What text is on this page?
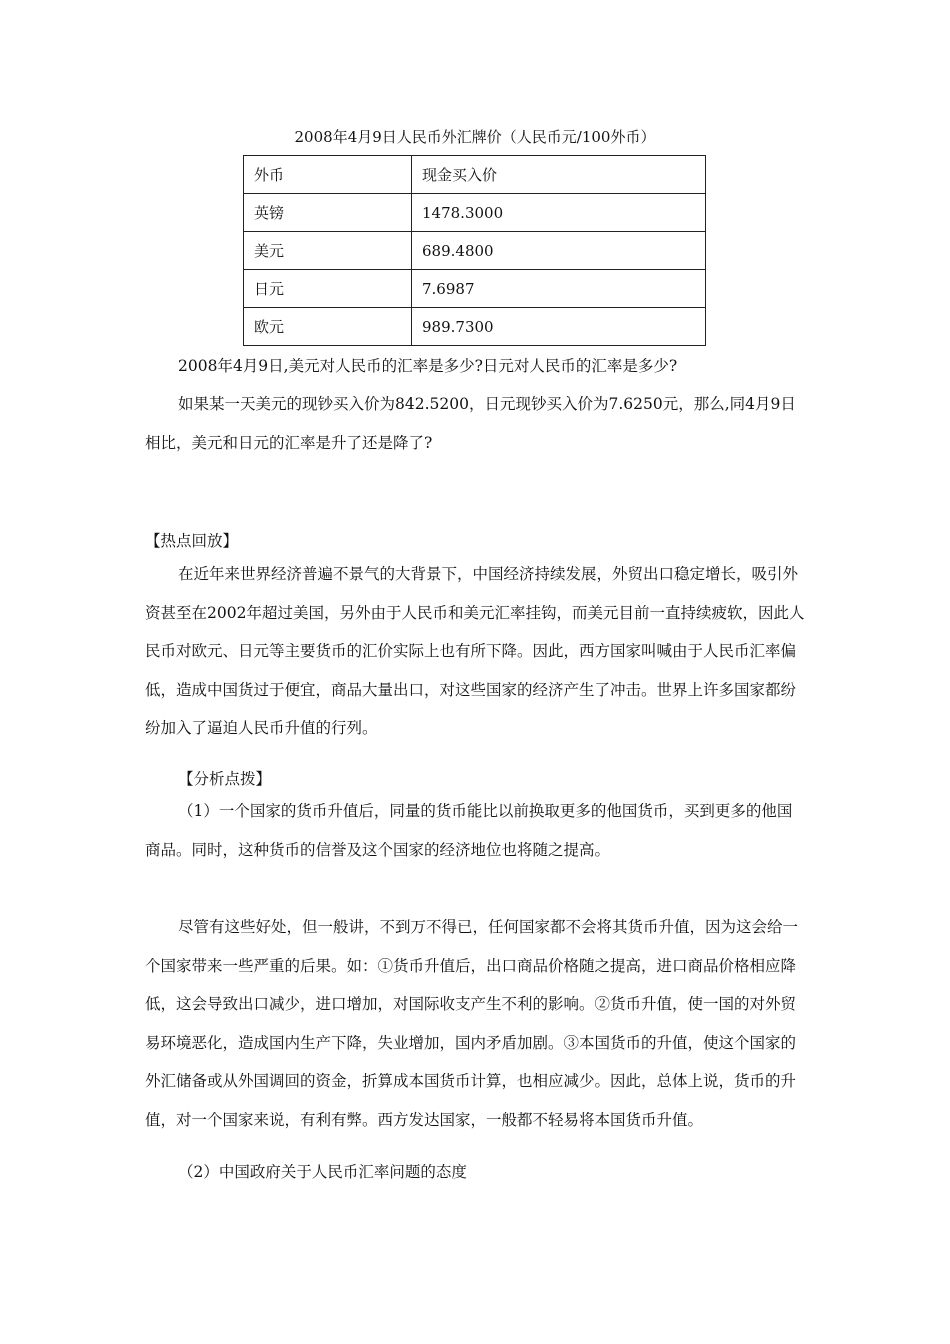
2008年4月9日人民币外汇牌价（人民币元/100外币）
外币	现金买入价
英镑	1478.3000
美元	689.4800
日元	7.6987
欧元	989.7300

2008年4月9日,美元对人民币的汇率是多少?日元对人民币的汇率是多少?

如果某一天美元的现钞买入价为842.5200，日元现钞买入价为7.6250元，那么,同4月9日相比，美元和日元的汇率是升了还是降了?

【热点回放】

在近年来世界经济普遍不景气的大背景下，中国经济持续发展，外贸出口稳定增长，吸引外资甚至在2002年超过美国，另外由于人民币和美元汇率挂钩，而美元目前一直持续疲软，因此人民币对欧元、日元等主要货币的汇价实际上也有所下降。因此，西方国家叫喊由于人民币汇率偏低，造成中国货过于便宜，商品大量出口，对这些国家的经济产生了冲击。世界上许多国家都纷纷加入了逼迫人民币升值的行列。

【分析点拨】

（1）一个国家的货币升值后，同量的货币能比以前换取更多的他国货币，买到更多的他国商品。同时，这种货币的信誉及这个国家的经济地位也将随之提高。

尽管有这些好处，但一般讲，不到万不得已，任何国家都不会将其货币升值，因为这会给一个国家带来一些严重的后果。如：①货币升值后，出口商品价格随之提高，进口商品价格相应降低，这会导致出口减少，进口增加，对国际收支产生不利的影响。②货币升值，使一国的对外贸易环境恶化，造成国内生产下降，失业增加，国内矛盾加剧。③本国货币的升值，使这个国家的外汇储备或从外国调回的资金，折算成本国货币计算，也相应减少。因此，总体上说，货币的升值，对一个国家来说，有利有弊。西方发达国家，一般都不轻易将本国货币升值。

（2）中国政府关于人民币汇率问题的态度
